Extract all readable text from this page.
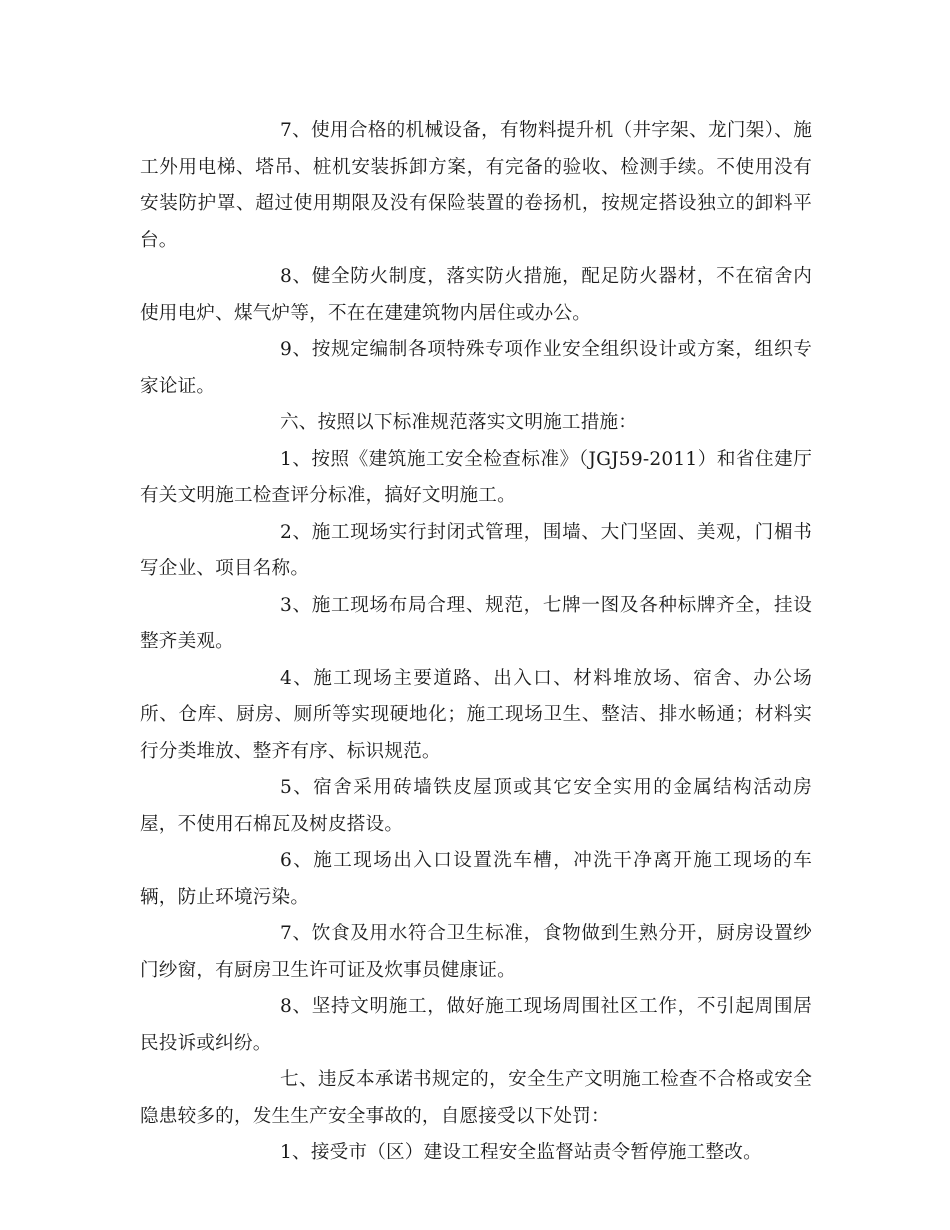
7、使用合格的机械设备，有物料提升机（井字架、龙门架）、施工外用电梯、塔吊、桩机安装拆卸方案，有完备的验收、检测手续。不使用没有安装防护罩、超过使用期限及没有保险装置的卷扬机，按规定搭设独立的卸料平台。

8、健全防火制度，落实防火措施，配足防火器材，不在宿舍内使用电炉、煤气炉等，不在在建建筑物内居住或办公。

9、按规定编制各项特殊专项作业安全组织设计或方案，组织专家论证。

六、按照以下标准规范落实文明施工措施：

1、按照《建筑施工安全检查标准》（JGJ59-2011）和省住建厅有关文明施工检查评分标准，搞好文明施工。

2、施工现场实行封闭式管理，围墙、大门坚固、美观，门楣书写企业、项目名称。

3、施工现场布局合理、规范，七牌一图及各种标牌齐全，挂设整齐美观。

4、施工现场主要道路、出入口、材料堆放场、宿舍、办公场所、仓库、厨房、厕所等实现硬地化；施工现场卫生、整洁、排水畅通；材料实行分类堆放、整齐有序、标识规范。

5、宿舍采用砖墙铁皮屋顶或其它安全实用的金属结构活动房屋，不使用石棉瓦及树皮搭设。

6、施工现场出入口设置洗车槽，冲洗干净离开施工现场的车辆，防止环境污染。

7、饮食及用水符合卫生标准，食物做到生熟分开，厨房设置纱门纱窗，有厨房卫生许可证及炊事员健康证。

8、坚持文明施工，做好施工现场周围社区工作，不引起周围居民投诉或纠纷。

七、违反本承诺书规定的，安全生产文明施工检查不合格或安全隐患较多的，发生生产安全事故的，自愿接受以下处罚：

1、接受市（区）建设工程安全监督站责令暂停施工整改。
